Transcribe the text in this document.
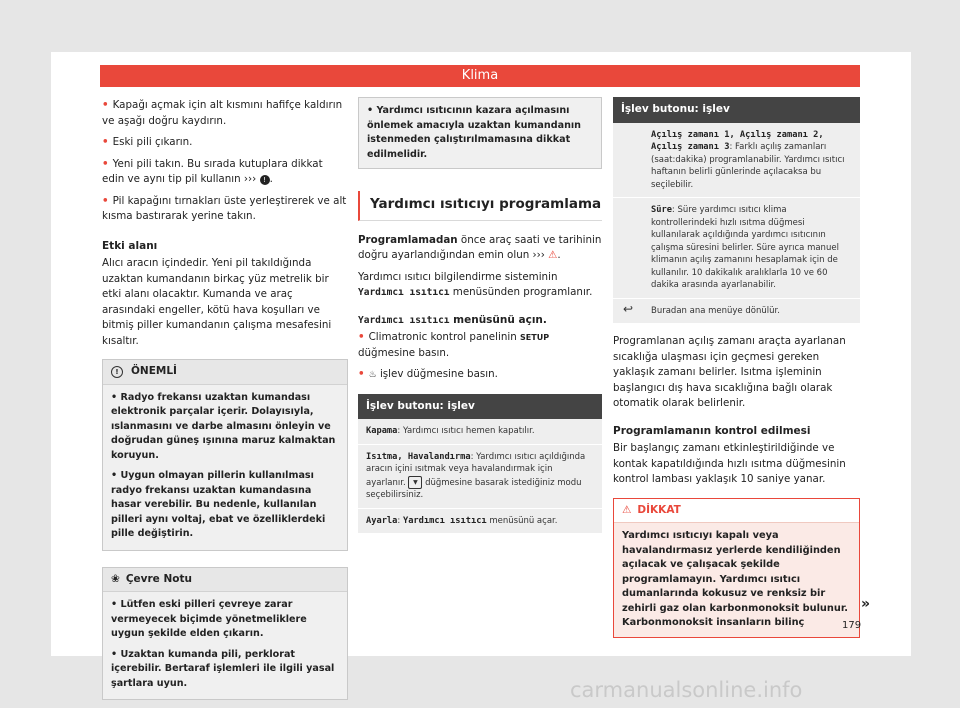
Klima

• Kapağı açmak için alt kısmını hafifçe kaldırın ve aşağı doğru kaydırın.

• Eski pili çıkarın.

• Yeni pili takın. Bu sırada kutuplara dikkat edin ve aynı tip pil kullanın ››› ! .

• Pil kapağını tırnakları üste yerleştirerek ve alt kısma bastırarak yerine takın.

Etki alanı

Alıcı aracın içindedir. Yeni pil takıldığında uzaktan kumandanın birkaç yüz metrelik bir etki alanı olacaktır. Kumanda ve araç arasındaki engeller, kötü hava koşulları ve bitmiş piller kumandanın çalışma mesafesini kısaltır.

! ÖNEMLİ

• Radyo frekansı uzaktan kumandası elektronik parçalar içerir. Dolayısıyla, ıslanmasını ve darbe almasını önleyin ve doğrudan güneş ışınına maruz kalmaktan koruyun.

• Uygun olmayan pillerin kullanılması radyo frekansı uzaktan kumandasına hasar verebilir. Bu nedenle, kullanılan pilleri aynı voltaj, ebat ve özelliklerdeki pille değiştirin.

❀ Çevre Notu

• Lütfen eski pilleri çevreye zarar vermeyecek biçimde yönetmeliklere uygun şekilde elden çıkarın.

• Uzaktan kumanda pili, perklorat içerebilir. Bertaraf işlemleri ile ilgili yasal şartlara uyun.

• Yardımcı ısıtıcının kazara açılmasını önlemek amacıyla uzaktan kumandanın istenmeden çalıştırılmamasına dikkat edilmelidir.
Yardımcı ısıtıcıyı programlama

Programlamadan önce araç saati ve tarihinin doğru ayarlandığından emin olun ››› ⚠.

Yardımcı ısıtıcı bilgilendirme sisteminin Yardımcı ısıtıcı menüsünden programlanır.

Yardımcı ısıtıcı menüsünü açın.

• Climatronic kontrol panelinin SETUP düğmesine basın.

• ♨ işlev düğmesine basın.

İşlev butonu: işlev
Kapama: Yardımcı ısıtıcı hemen kapatılır.
Isıtma, Havalandırma: Yardımcı ısıtıcı açıldığında aracın içini ısıtmak veya havalandırmak için ayarlanır. ▼ düğmesine basarak istediğiniz modu seçebilirsiniz.
Ayarla: Yardımcı ısıtıcı menüsünü açar.
İşlev butonu: işlev
Açılış zamanı 1, Açılış zamanı 2, Açılış zamanı 3: Farklı açılış zamanları (saat:dakika) programlanabilir. Yardımcı ısıtıcı haftanın belirli günlerinde açılacaksa bu seçilebilir.
Süre: Süre yardımcı ısıtıcı klima kontrollerindeki hızlı ısıtma düğmesi kullanılarak açıldığında yardımcı ısıtıcının çalışma süresini belirler. Süre ayrıca manuel klimanın açılış zamanını hesaplamak için de kullanılır. 10 dakikalık aralıklarla 10 ve 60 dakika arasında ayarlanabilir.
↩ Buradan ana menüye dönülür.

Programlanan açılış zamanı araçta ayarlanan sıcaklığa ulaşması için geçmesi gereken yaklaşık zamanı belirler. Isıtma işleminin başlangıcı dış hava sıcaklığına bağlı olarak otomatik olarak belirlenir.

Programlamanın kontrol edilmesi

Bir başlangıç zamanı etkinleştirildiğinde ve kontak kapatıldığında hızlı ısıtma düğmesinin kontrol lambası yaklaşık 10 saniye yanar.

⚠ DİKKAT
Yardımcı ısıtıcıyı kapalı veya havalandırmasız yerlerde kendiliğinden açılacak ve çalışacak şekilde programlamayın. Yardımcı ısıtıcı dumanlarında kokusuz ve renksiz bir zehirli gaz olan karbonmonoksit bulunur. Karbonmonoksit insanların bilinç
»
179
carmanualsonline.info
